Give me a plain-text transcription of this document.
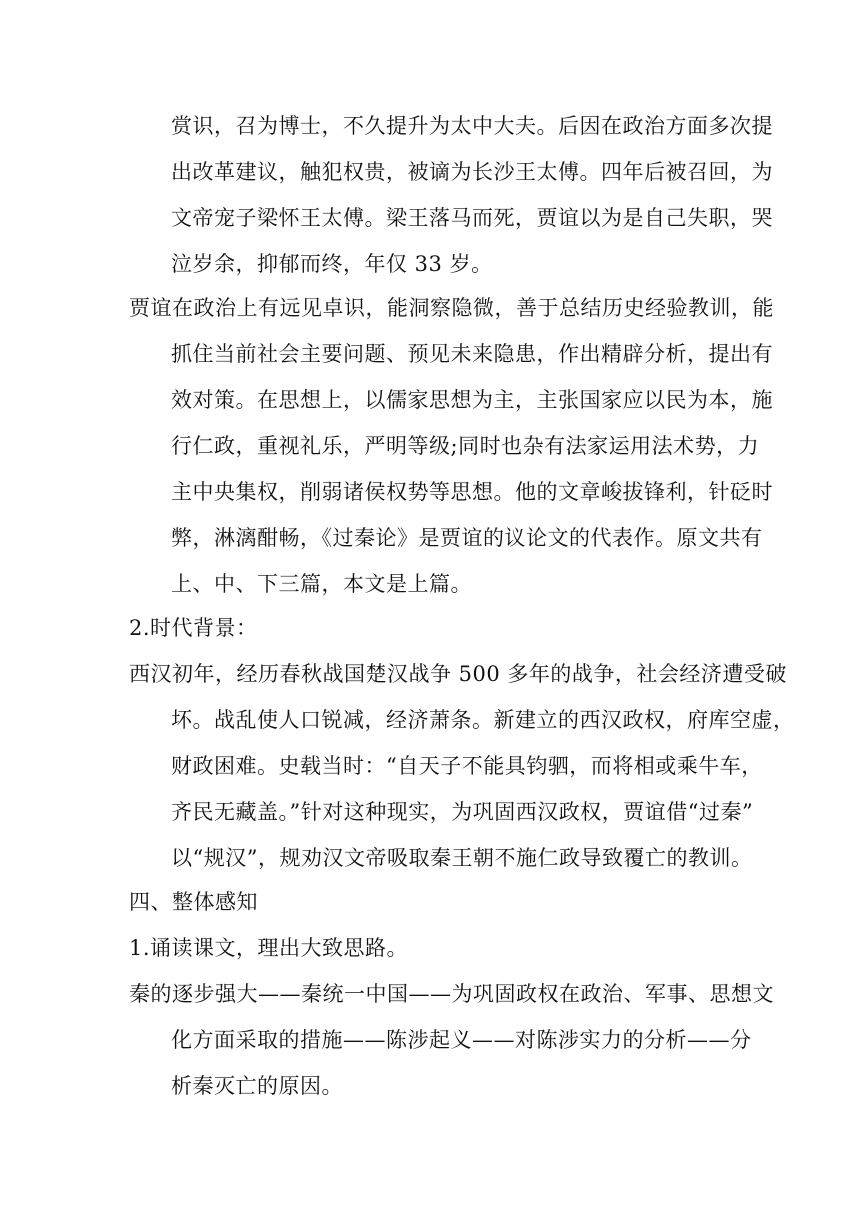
赏识，召为博士，不久提升为太中大夫。后因在政治方面多次提
出改革建议，触犯权贵，被谪为长沙王太傅。四年后被召回，为
文帝宠子梁怀王太傅。梁王落马而死，贾谊以为是自己失职，哭
泣岁余，抑郁而终，年仅 33 岁。
贾谊在政治上有远见卓识，能洞察隐微，善于总结历史经验教训，能
抓住当前社会主要问题、预见未来隐患，作出精辟分析，提出有
效对策。在思想上，以儒家思想为主，主张国家应以民为本，施
行仁政，重视礼乐，严明等级;同时也杂有法家运用法术势，力
主中央集权，削弱诸侯权势等思想。他的文章峻拔锋利，针砭时
弊，淋漓酣畅，《过秦论》是贾谊的议论文的代表作。原文共有
上、中、下三篇，本文是上篇。
2.时代背景：
西汉初年，经历春秋战国楚汉战争 500 多年的战争，社会经济遭受破
坏。战乱使人口锐减，经济萧条。新建立的西汉政权，府库空虚，
财政困难。史载当时：“自天子不能具钧驷，而将相或乘牛车，
齐民无藏盖。”针对这种现实，为巩固西汉政权，贾谊借“过秦”
以“规汉”，规劝汉文帝吸取秦王朝不施仁政导致覆亡的教训。
四、整体感知
1.诵读课文，理出大致思路。
秦的逐步强大——秦统一中国——为巩固政权在政治、军事、思想文
化方面采取的措施——陈涉起义——对陈涉实力的分析——分
析秦灭亡的原因。
